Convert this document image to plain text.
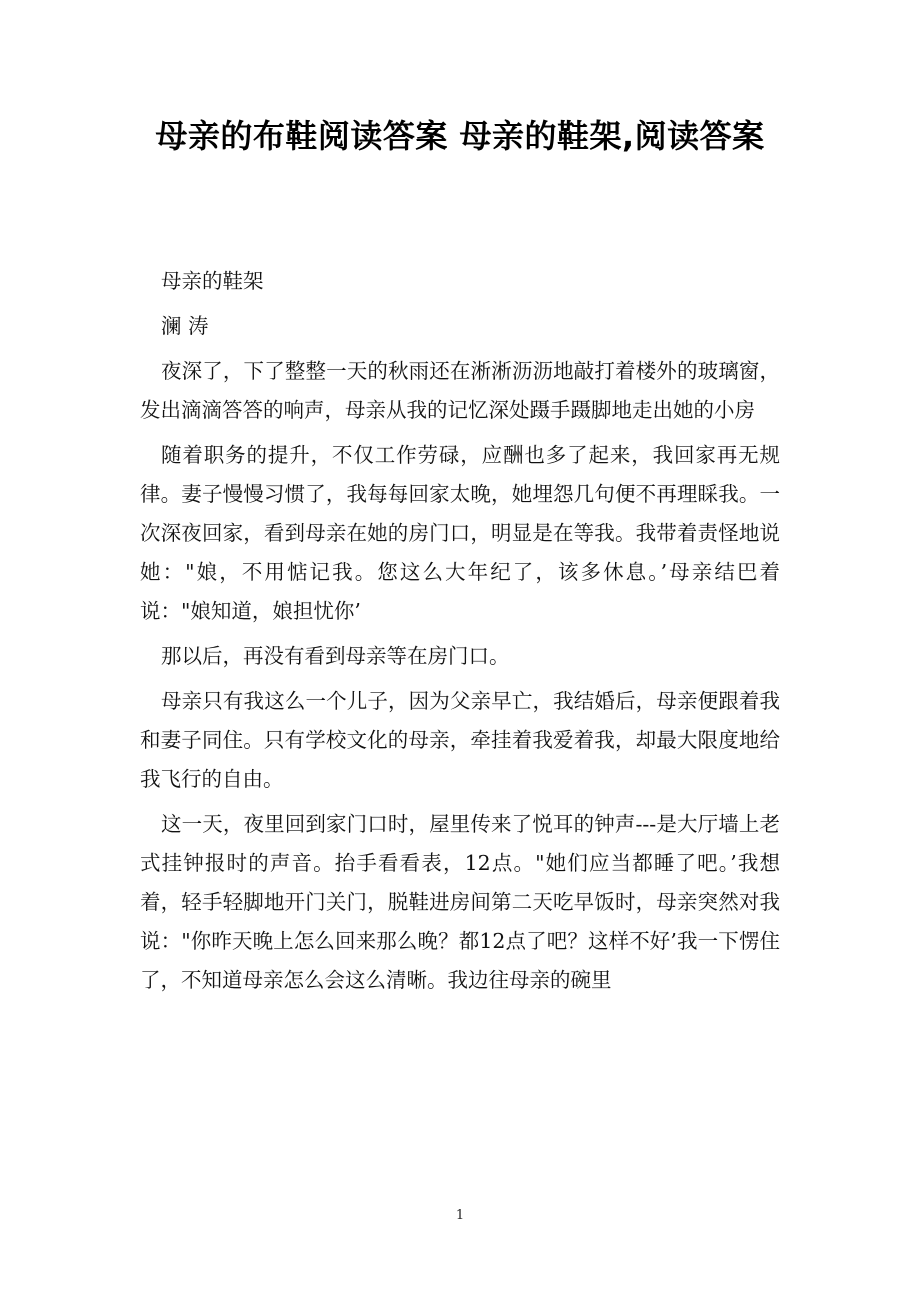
母亲的布鞋阅读答案 母亲的鞋架,阅读答案

母亲的鞋架

澜 涛

夜深了，下了整整一天的秋雨还在淅淅沥沥地敲打着楼外的玻璃窗，发出滴滴答答的响声，母亲从我的记忆深处蹑手蹑脚地走出她的小房

随着职务的提升，不仅工作劳碌，应酬也多了起来，我回家再无规律。妻子慢慢习惯了，我每每回家太晚，她埋怨几句便不再理睬我。一次深夜回家，看到母亲在她的房门口，明显是在等我。我带着责怪地说她："娘，不用惦记我。您这么大年纪了，该多休息。’母亲结巴着说："娘知道，娘担忧你’

那以后，再没有看到母亲等在房门口。

母亲只有我这么一个儿子，因为父亲早亡，我结婚后，母亲便跟着我和妻子同住。只有学校文化的母亲，牵挂着我爱着我，却最大限度地给我飞行的自由。

这一天，夜里回到家门口时，屋里传来了悦耳的钟声---是大厅墙上老式挂钟报时的声音。抬手看看表，12点。"她们应当都睡了吧。’我想着，轻手轻脚地开门关门，脱鞋进房间第二天吃早饭时，母亲突然对我说："你昨天晚上怎么回来那么晚？都12点了吧？这样不好’我一下愣住了，不知道母亲怎么会这么清晰。我边往母亲的碗里

1
